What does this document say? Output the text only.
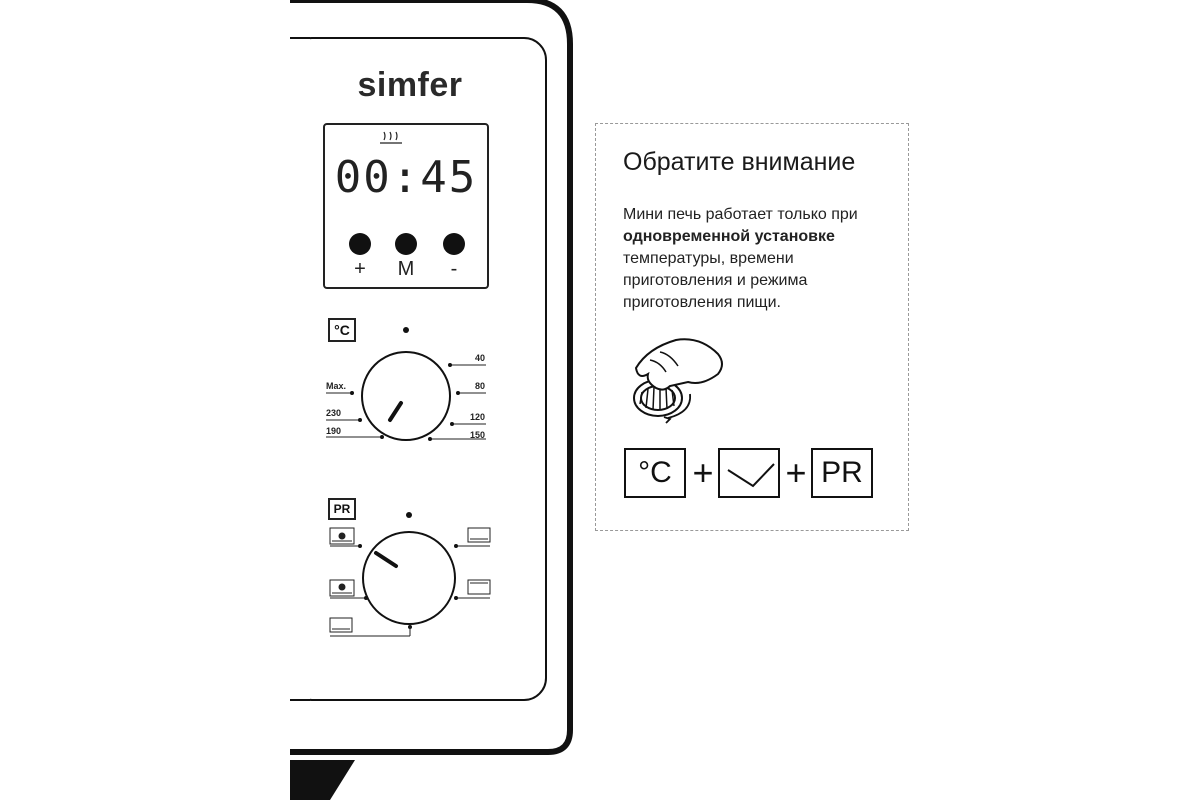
simfer
00:45
+	M	-
°C
Max.
230
190
40
80
120
150
PR
Обратите внимание
Мини печь работает только при одновременной установке температуры, времени приготовления и режима приготовления пищи.
°C + + PR
